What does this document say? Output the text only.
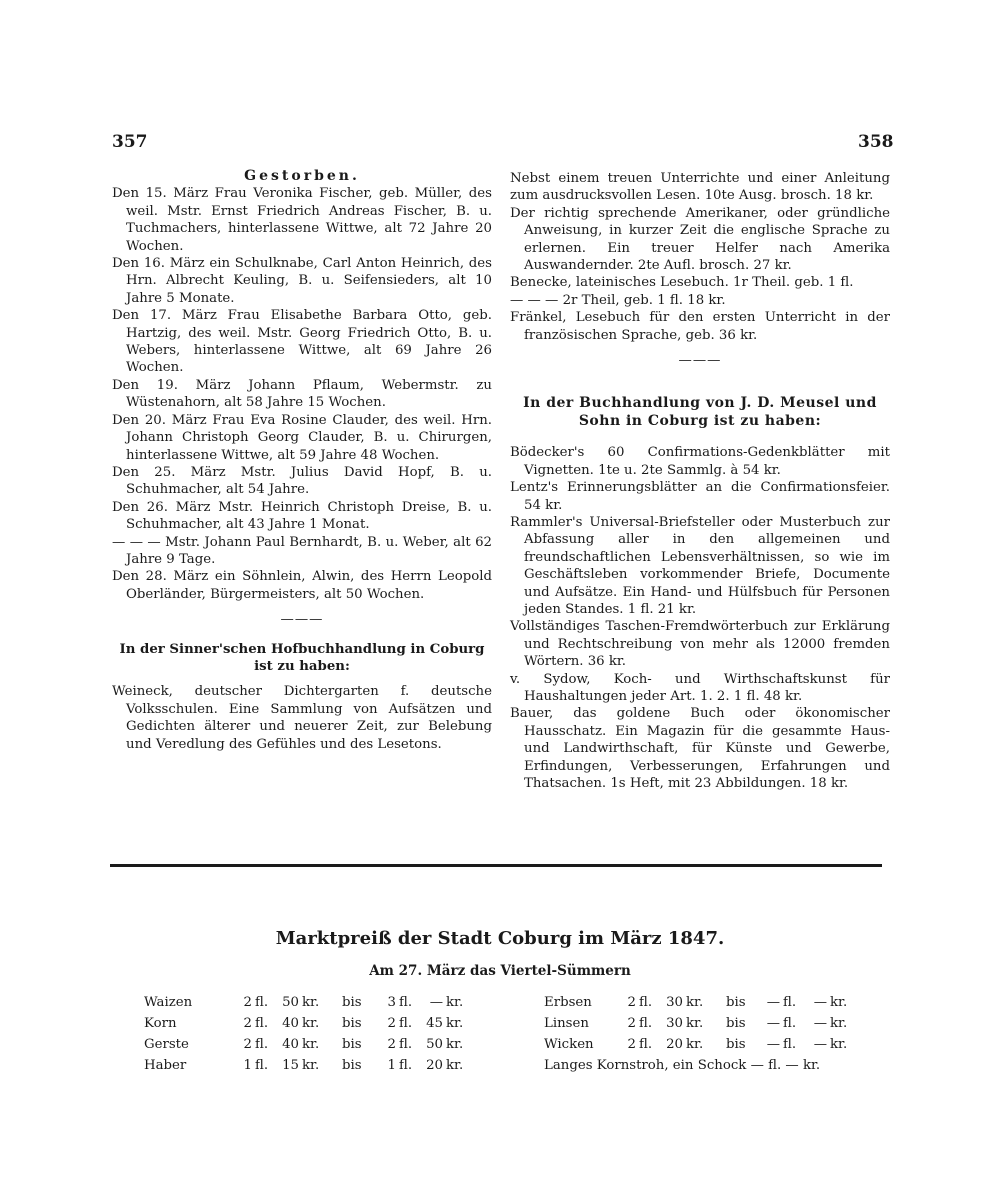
357	358

Gestorben.

Den 15. März Frau Veronika Fischer, geb. Müller, des weil. Mstr. Ernst Friedrich Andreas Fischer, B. u. Tuchmachers, hinterlassene Wittwe, alt 72 Jahre 20 Wochen.

Den 16. März ein Schulknabe, Carl Anton Heinrich, des Hrn. Albrecht Keuling, B. u. Seifensieders, alt 10 Jahre 5 Monate.

Den 17. März Frau Elisabethe Barbara Otto, geb. Hartzig, des weil. Mstr. Georg Friedrich Otto, B. u. Webers, hinterlassene Wittwe, alt 69 Jahre 26 Wochen.

Den 19. März Johann Pflaum, Webermstr. zu Wüstenahorn, alt 58 Jahre 15 Wochen.

Den 20. März Frau Eva Rosine Clauder, des weil. Hrn. Johann Christoph Georg Clauder, B. u. Chirurgen, hinterlassene Wittwe, alt 59 Jahre 48 Wochen.

Den 25. März Mstr. Julius David Hopf, B. u. Schuhmacher, alt 54 Jahre.

Den 26. März Mstr. Heinrich Christoph Dreise, B. u. Schuhmacher, alt 43 Jahre 1 Monat.

— — — Mstr. Johann Paul Bernhardt, B. u. Weber, alt 62 Jahre 9 Tage.

Den 28. März ein Söhnlein, Alwin, des Herrn Leopold Oberländer, Bürgermeisters, alt 50 Wochen.

———

In der Sinner'schen Hofbuchhandlung in Coburg ist zu haben:

Weineck, deutscher Dichtergarten f. deutsche Volksschulen. Eine Sammlung von Aufsätzen und Gedichten älterer und neuerer Zeit, zur Belebung und Veredlung des Gefühles und des Lesetons.

Nebst einem treuen Unterrichte und einer Anleitung zum ausdrucksvollen Lesen. 10te Ausg. brosch. 18 kr.

Der richtig sprechende Amerikaner, oder gründliche Anweisung, in kurzer Zeit die englische Sprache zu erlernen. Ein treuer Helfer nach Amerika Auswandernder. 2te Aufl. brosch. 27 kr.

Benecke, lateinisches Lesebuch. 1r Theil. geb. 1 fl.

— — — 2r Theil, geb. 1 fl. 18 kr.

Fränkel, Lesebuch für den ersten Unterricht in der französischen Sprache, geb. 36 kr.

———

In der Buchhandlung von J. D. Meusel und Sohn in Coburg ist zu haben:

Bödecker's 60 Confirmations-Gedenkblätter mit Vignetten. 1te u. 2te Sammlg. à 54 kr.

Lentz's Erinnerungsblätter an die Confirmationsfeier. 54 kr.

Rammler's Universal-Briefsteller oder Musterbuch zur Abfassung aller in den allgemeinen und freundschaftlichen Lebensverhältnissen, so wie im Geschäftsleben vorkommender Briefe, Documente und Aufsätze. Ein Hand- und Hülfsbuch für Personen jeden Standes. 1 fl. 21 kr.

Vollständiges Taschen-Fremdwörterbuch zur Erklärung und Rechtschreibung von mehr als 12000 fremden Wörtern. 36 kr.

v. Sydow, Koch- und Wirthschaftskunst für Haushaltungen jeder Art. 1. 2. 1 fl. 48 kr.

Bauer, das goldene Buch oder ökonomischer Hausschatz. Ein Magazin für die gesammte Haus- und Landwirthschaft, für Künste und Gewerbe, Erfindungen, Verbesserungen, Erfahrungen und Thatsachen. 1s Heft, mit 23 Abbildungen. 18 kr.

Marktpreiß der Stadt Coburg im März 1847.
Am 27. März das Viertel-Sümmern
Waizen	2	fl.	50	kr.	bis	3	fl.	—	kr.		Erbsen	2	fl.	30	kr.	bis	—	fl.	—	kr.
Korn	2	fl.	40	kr.	bis	2	fl.	45	kr.		Linsen	2	fl.	30	kr.	bis	—	fl.	—	kr.
Gerste	2	fl.	40	kr.	bis	2	fl.	50	kr.		Wicken	2	fl.	20	kr.	bis	—	fl.	—	kr.
Haber	1	fl.	15	kr.	bis	1	fl.	20	kr.		Langes Kornstroh, ein Schock — fl. — kr.									
